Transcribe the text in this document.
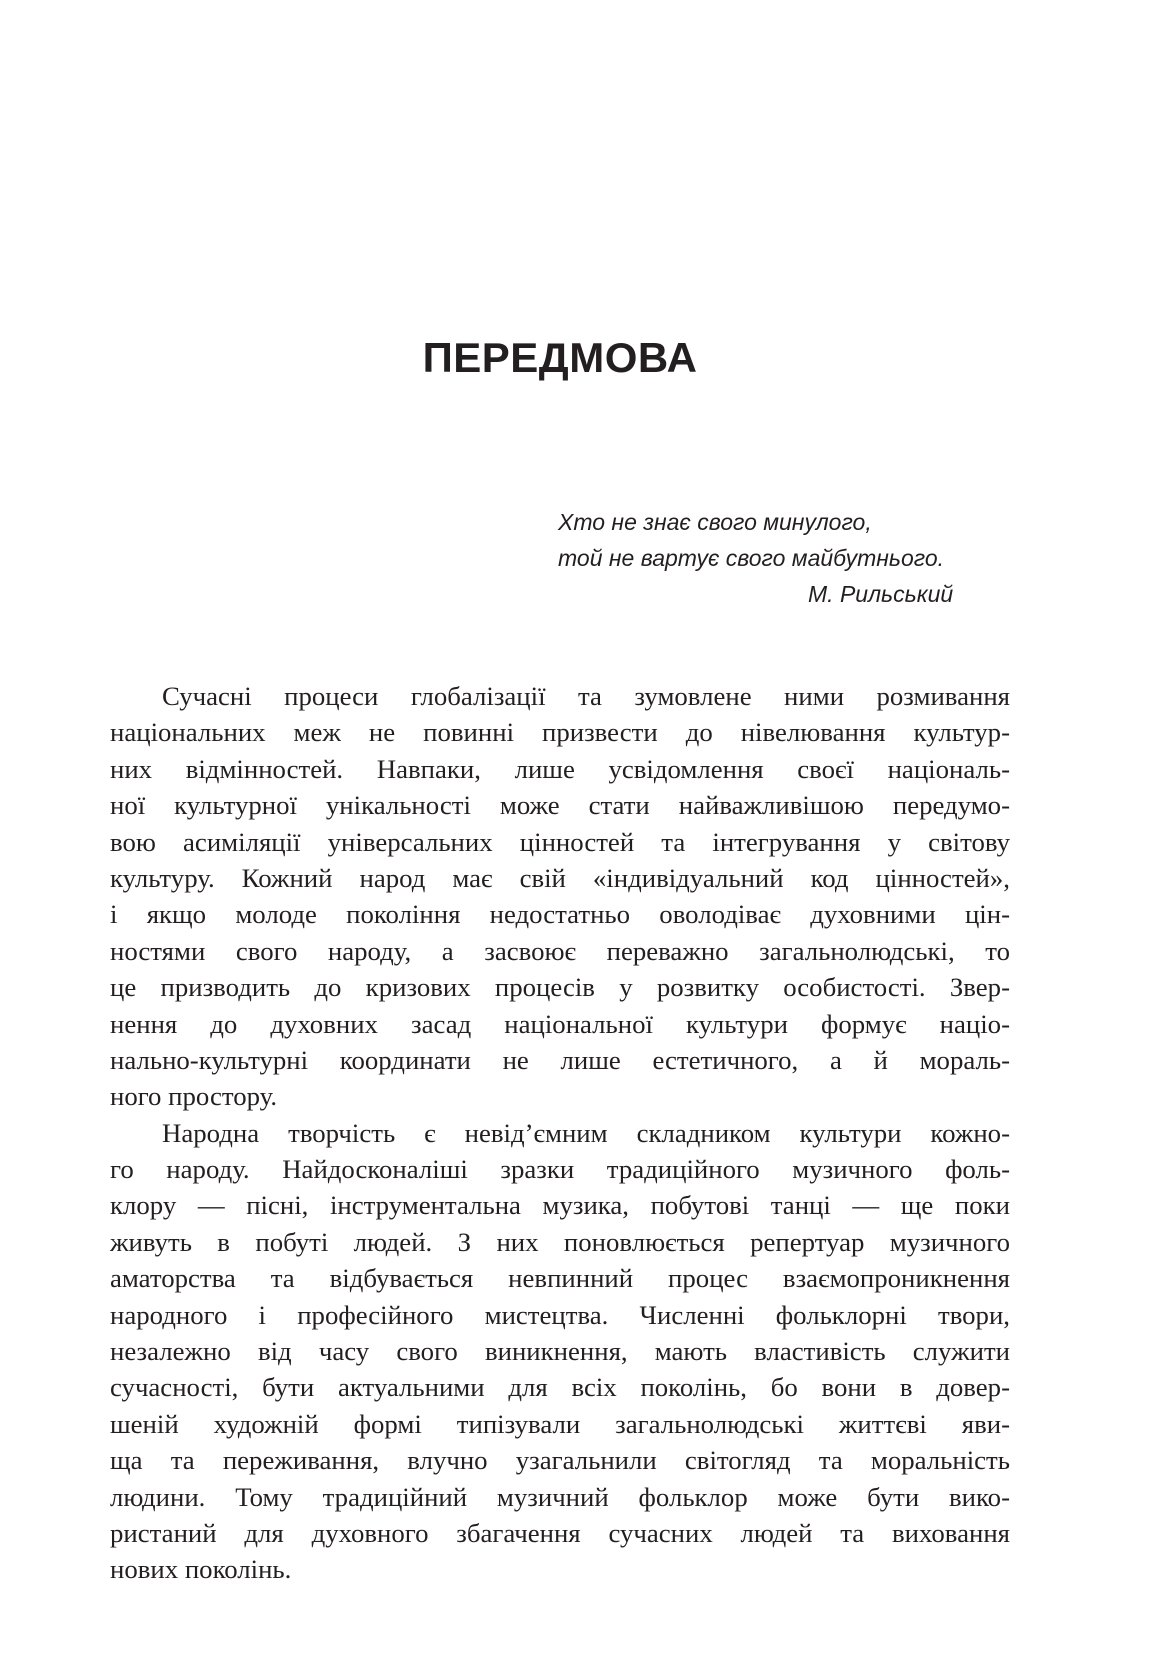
ПЕРЕДМОВА
Хто не знає свого минулого,
той не вартує свого майбутнього.
М. Рильський
Сучасні процеси глобалізації та зумовлене ними розмивання
національних меж не повинні призвести до нівелювання культур-
них відмінностей. Навпаки, лише усвідомлення своєї національ-
ної культурної унікальності може стати найважливішою передумо-
вою асиміляції універсальних цінностей та інтегрування у світову
культуру. Кожний народ має свій «індивідуальний код цінностей»,
і якщо молоде покоління недостатньо оволодіває духовними цін-
ностями свого народу, а засвоює переважно загальнолюдські, то
це призводить до кризових процесів у розвитку особистості. Звер-
нення до духовних засад національної культури формує націо-
нально-культурні координати не лише естетичного, а й мораль-
ного простору.
Народна творчість є невід’ємним складником культури кожно-
го народу. Найдосконаліші зразки традиційного музичного фоль-
клору — пісні, інструментальна музика, побутові танці — ще поки
живуть в побуті людей. З них поновлюється репертуар музичного
аматорства та відбувається невпинний процес взаємопроникнення
народного і професійного мистецтва. Численні фольклорні твори,
незалежно від часу свого виникнення, мають властивість служити
сучасності, бути актуальними для всіх поколінь, бо вони в довер-
шеній художній формі типізували загальнолюдські життєві яви-
ща та переживання, влучно узагальнили світогляд та моральність
людини. Тому традиційний музичний фольклор може бути вико-
ристаний для духовного збагачення сучасних людей та виховання
нових поколінь.
